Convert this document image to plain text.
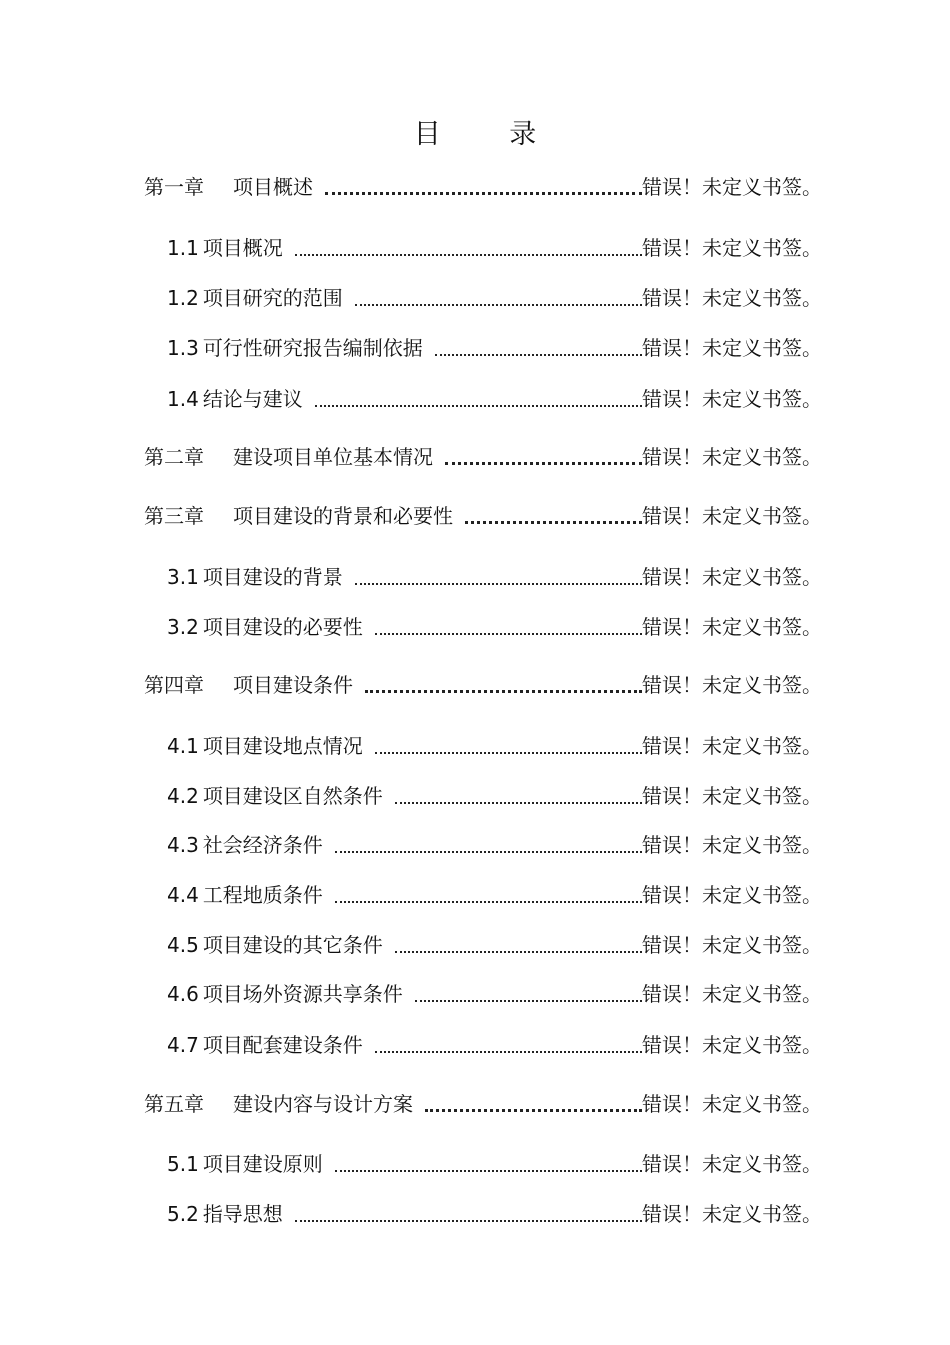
目 录
第一章	项目概述	错误！未定义书签。
1.1 项目概况	错误！未定义书签。
1.2 项目研究的范围	错误！未定义书签。
1.3 可行性研究报告编制依据	错误！未定义书签。
1.4 结论与建议	错误！未定义书签。
第二章	建设项目单位基本情况	错误！未定义书签。
第三章	项目建设的背景和必要性	错误！未定义书签。
3.1 项目建设的背景	错误！未定义书签。
3.2 项目建设的必要性	错误！未定义书签。
第四章	项目建设条件	错误！未定义书签。
4.1 项目建设地点情况	错误！未定义书签。
4.2 项目建设区自然条件	错误！未定义书签。
4.3 社会经济条件	错误！未定义书签。
4.4 工程地质条件	错误！未定义书签。
4.5 项目建设的其它条件	错误！未定义书签。
4.6 项目场外资源共享条件	错误！未定义书签。
4.7 项目配套建设条件	错误！未定义书签。
第五章	建设内容与设计方案	错误！未定义书签。
5.1 项目建设原则	错误！未定义书签。
5.2 指导思想	错误！未定义书签。
